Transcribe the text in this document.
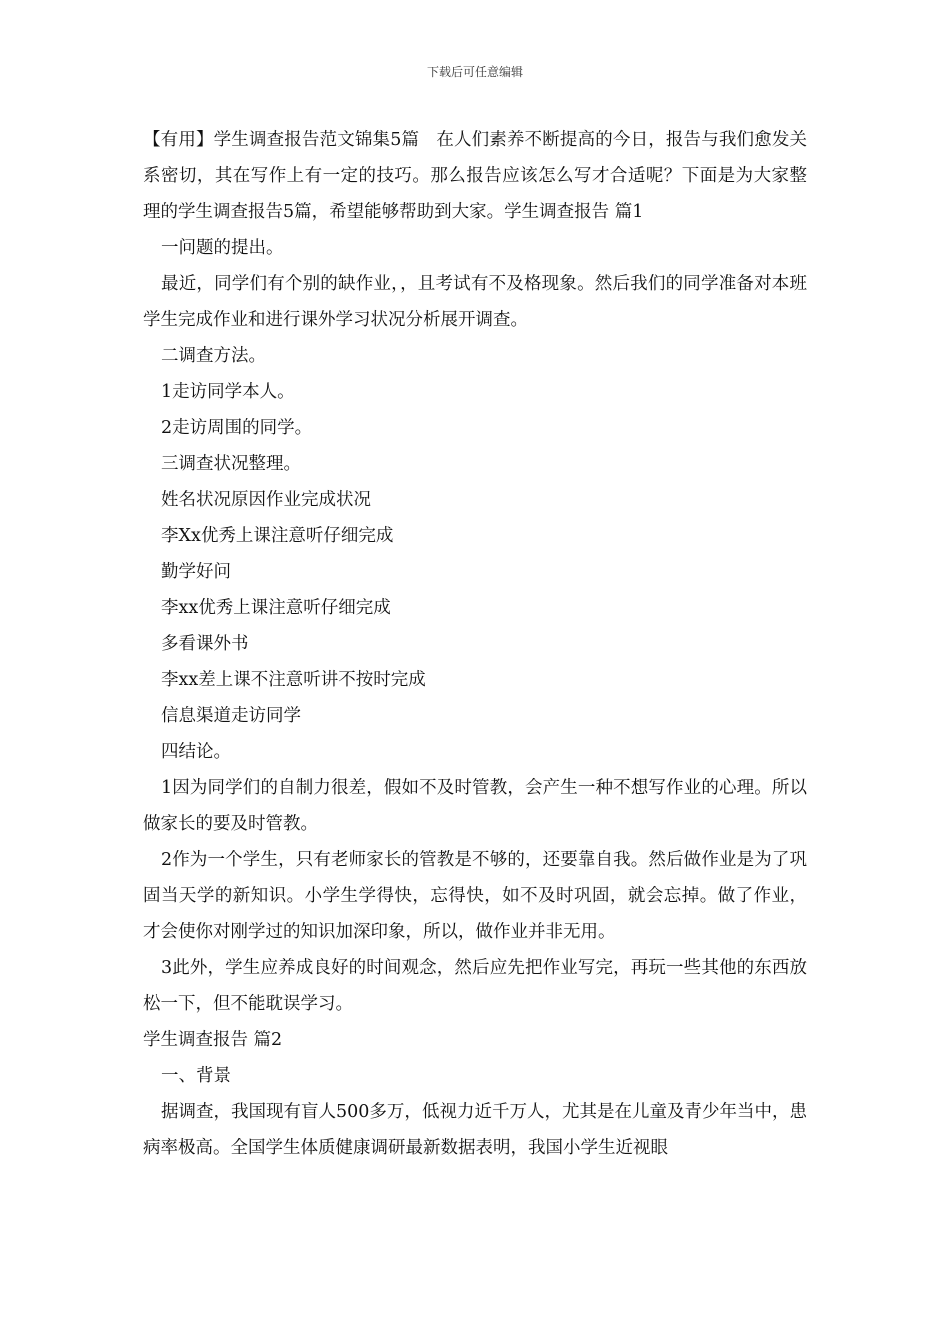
下载后可任意编辑

【有用】学生调查报告范文锦集5篇   在人们素养不断提高的今日，报告与我们愈发关系密切，其在写作上有一定的技巧。那么报告应该怎么写才合适呢？下面是为大家整理的学生调查报告5篇，希望能够帮助到大家。学生调查报告 篇1

一问题的提出。

最近，同学们有个别的缺作业，，且考试有不及格现象。然后我们的同学准备对本班学生完成作业和进行课外学习状况分析展开调查。

二调查方法。

1走访同学本人。

2走访周围的同学。

三调查状况整理。

姓名状况原因作业完成状况

李Xx优秀上课注意听仔细完成

勤学好问

李xx优秀上课注意听仔细完成

多看课外书

李xx差上课不注意听讲不按时完成

信息渠道走访同学

四结论。

1因为同学们的自制力很差，假如不及时管教，会产生一种不想写作业的心理。所以做家长的要及时管教。

2作为一个学生，只有老师家长的管教是不够的，还要靠自我。然后做作业是为了巩固当天学的新知识。小学生学得快，忘得快，如不及时巩固，就会忘掉。做了作业，才会使你对刚学过的知识加深印象，所以，做作业并非无用。

3此外，学生应养成良好的时间观念，然后应先把作业写完，再玩一些其他的东西放松一下，但不能耽误学习。

学生调查报告 篇2

一、背景

据调查，我国现有盲人500多万，低视力近千万人，尤其是在儿童及青少年当中，患病率极高。全国学生体质健康调研最新数据表明，我国小学生近视眼
